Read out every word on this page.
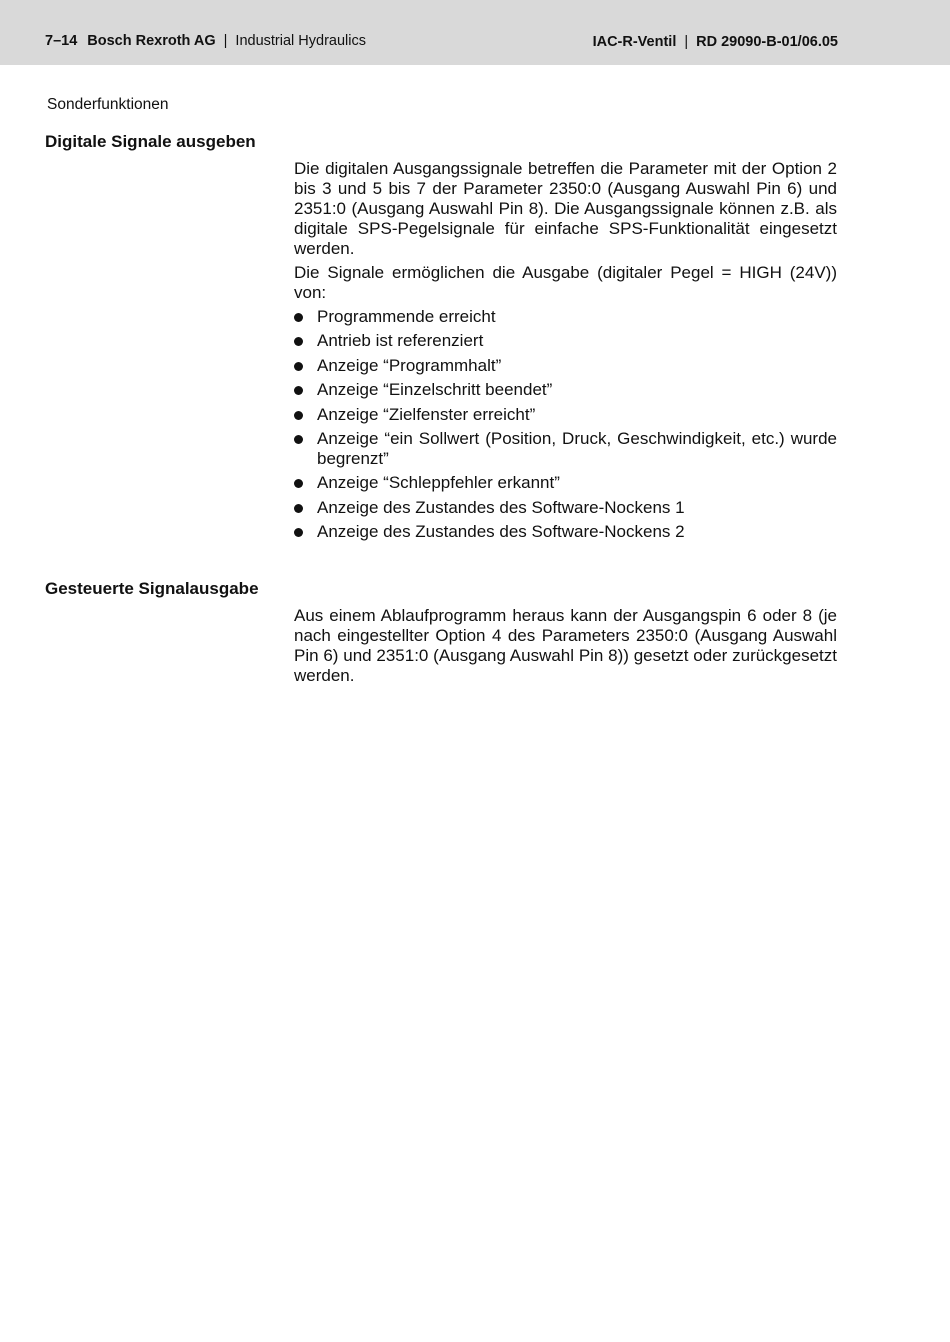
7–14 Bosch Rexroth AG | Industrial Hydraulics	IAC-R-Ventil | RD 29090-B-01/06.05
Sonderfunktionen
Digitale Signale ausgeben

Die digitalen Ausgangssignale betreffen die Parameter mit der Option 2 bis 3 und 5 bis 7 der Parameter 2350:0 (Ausgang Auswahl Pin 6) und 2351:0 (Ausgang Auswahl Pin 8). Die Ausgangssignale können z.B. als digitale SPS-Pegelsignale für einfache SPS-Funktionalität eingesetzt werden.

Die Signale ermöglichen die Ausgabe (digitaler Pegel = HIGH (24V)) von:

Programmende erreicht
Antrieb ist referenziert
Anzeige “Programmhalt”
Anzeige “Einzelschritt beendet”
Anzeige “Zielfenster erreicht”
Anzeige “ein Sollwert (Position, Druck, Geschwindigkeit, etc.) wurde begrenzt”
Anzeige “Schleppfehler erkannt”
Anzeige des Zustandes des Software-Nockens 1
Anzeige des Zustandes des Software-Nockens 2
Gesteuerte Signalausgabe

Aus einem Ablaufprogramm heraus kann der Ausgangspin 6 oder 8 (je nach eingestellter Option 4 des Parameters 2350:0 (Ausgang Auswahl Pin 6) und 2351:0 (Ausgang Auswahl Pin 8)) gesetzt oder zurückgesetzt werden.
